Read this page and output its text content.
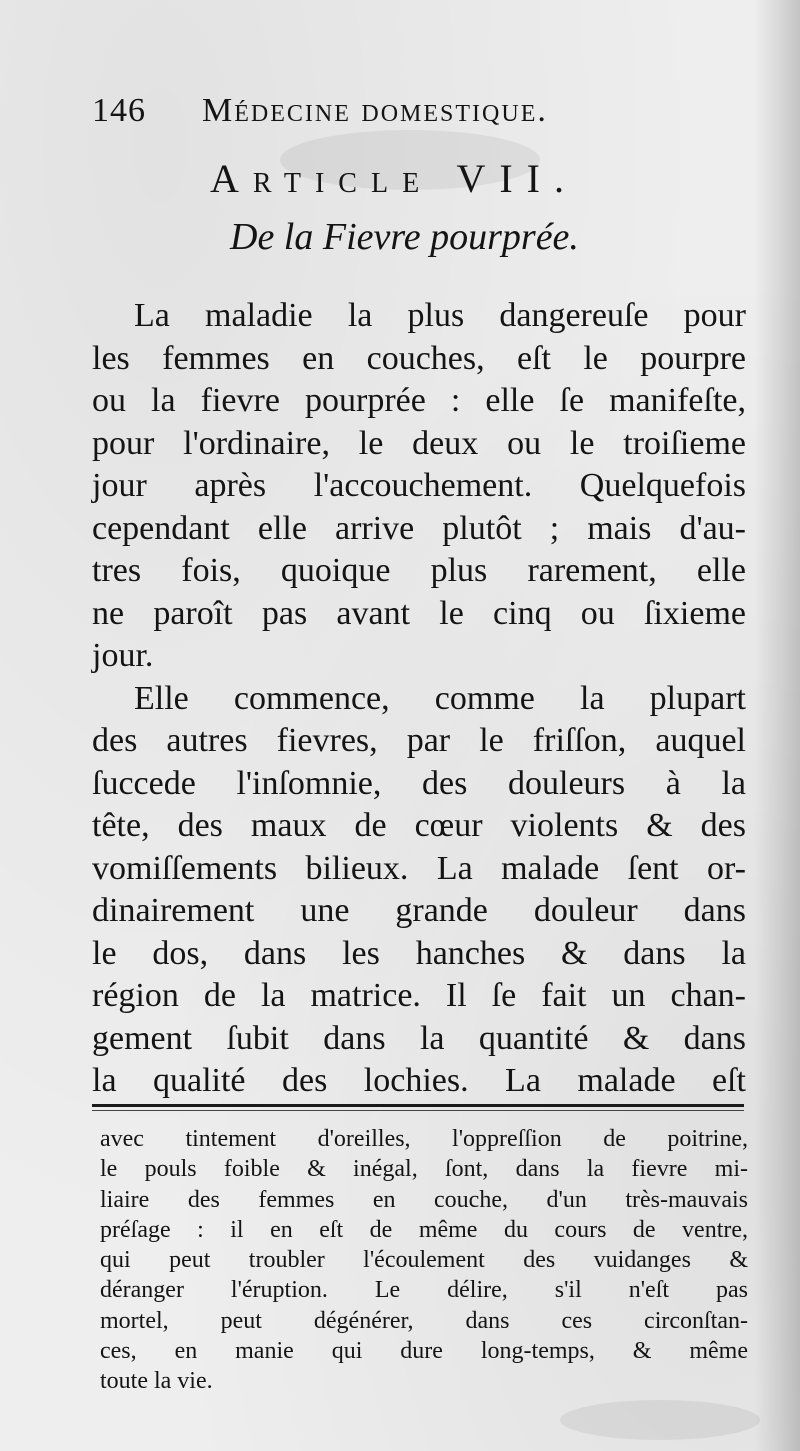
146 Médecine domestique.
Article VII.
De la Fievre pourprée.
La maladie la plus dangereuſe pour
les femmes en couches, eſt le pourpre
ou la fievre pourprée : elle ſe manifeſte,
pour l'ordinaire, le deux ou le troiſieme
jour après l'accouchement. Quelquefois
cependant elle arrive plutôt ; mais d'au-
tres fois, quoique plus rarement, elle
ne paroît pas avant le cinq ou ſixieme
jour.
Elle commence, comme la plupart
des autres fievres, par le friſſon, auquel
ſuccede l'inſomnie, des douleurs à la
tête, des maux de cœur violents & des
vomiſſements bilieux. La malade ſent or-
dinairement une grande douleur dans
le dos, dans les hanches & dans la
région de la matrice. Il ſe fait un chan-
gement ſubit dans la quantité & dans
la qualité des lochies. La malade eſt
avec tintement d'oreilles, l'oppreſſion de poitrine,
le pouls foible & inégal, ſont, dans la fievre mi-
liaire des femmes en couche, d'un très-mauvais
préſage : il en eſt de même du cours de ventre,
qui peut troubler l'écoulement des vuidanges &
déranger l'éruption. Le délire, s'il n'eſt pas
mortel, peut dégénérer, dans ces circonſtan-
ces, en manie qui dure long-temps, & même
toute la vie.
